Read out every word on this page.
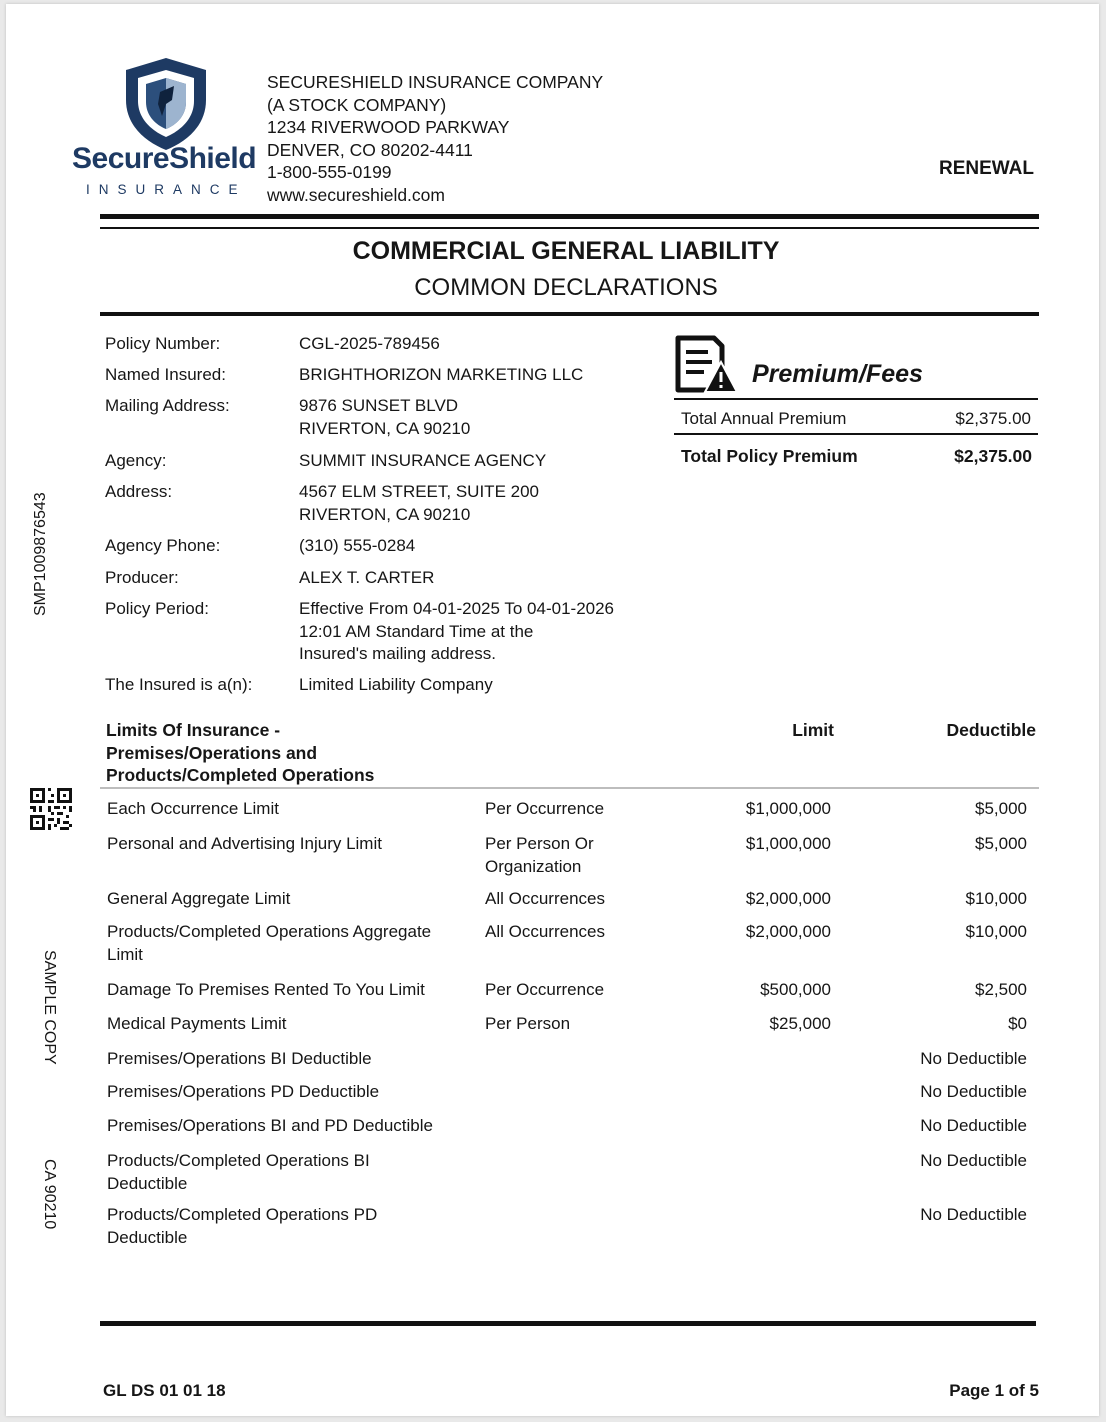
SecureShield
INSURANCE
SECURESHIELD INSURANCE COMPANY
(A STOCK COMPANY)
1234 RIVERWOOD PARKWAY
DENVER, CO 80202-4411
1-800-555-0199
www.secureshield.com
RENEWAL
COMMERCIAL GENERAL LIABILITY
COMMON DECLARATIONS
Policy Number:	CGL-2025-789456
Named Insured:	BRIGHTHORIZON MARKETING LLC
Mailing Address:	9876 SUNSET BLVD
RIVERTON, CA 90210
Agency:	SUMMIT INSURANCE AGENCY
Address:	4567 ELM STREET, SUITE 200
RIVERTON, CA 90210
Agency Phone:	(310) 555-0284
Producer:	ALEX T. CARTER
Policy Period:	Effective From 04-01-2025 To 04-01-2026
12:01 AM Standard Time at the
Insured's mailing address.
The Insured is a(n):	Limited Liability Company
Premium/Fees
Total Annual Premium	$2,375.00
Total Policy Premium	$2,375.00
Limits Of Insurance -
Premises/Operations and
Products/Completed Operations
Limit	Deductible
SMP1009876543
SAMPLE COPY
CA 90210
GL DS 01 01 18	Page 1 of 5
Each Occurrence Limit	Per Occurrence	$1,000,000	$5,000
Personal and Advertising Injury Limit	Per Person Or
Organization
$1,000,000	$5,000
General Aggregate Limit	All Occurrences	$2,000,000	$10,000
Products/Completed Operations Aggregate
Limit
All Occurrences	$2,000,000	$10,000
Damage To Premises Rented To You Limit	Per Occurrence	$500,000	$2,500
Medical Payments Limit	Per Person	$25,000	$0
Premises/Operations BI Deductible	No Deductible
Premises/Operations PD Deductible	No Deductible
Premises/Operations BI and PD Deductible	No Deductible
Products/Completed Operations BI
Deductible
No Deductible
Products/Completed Operations PD
Deductible
No Deductible
